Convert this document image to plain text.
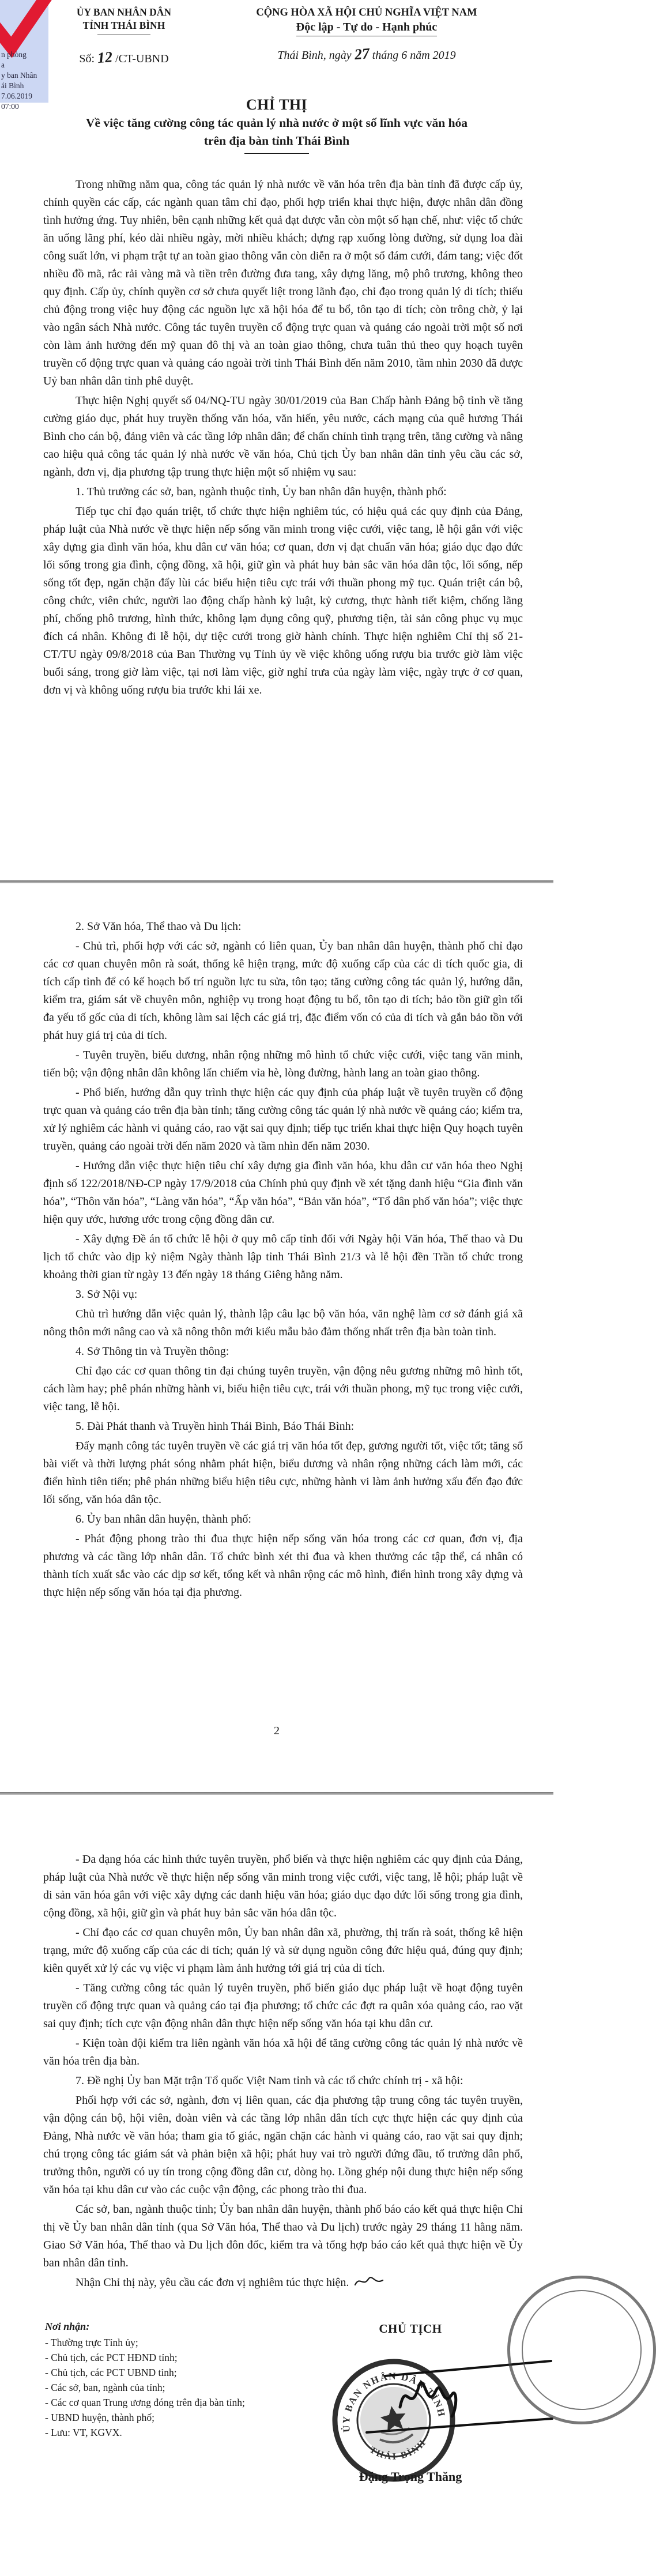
n phòng
a
y ban Nhân
ái Bình
7.06.2019
07:00
ỦY BAN NHÂN DÂN
TỈNH THÁI BÌNH
Số: 12 /CT-UBND
CỘNG HÒA XÃ HỘI CHỦ NGHĨA VIỆT NAM
Độc lập - Tự do - Hạnh phúc
Thái Bình, ngày 27 tháng 6 năm 2019
CHỈ THỊ
Về việc tăng cường công tác quản lý nhà nước ở một số lĩnh vực văn hóa
trên địa bàn tỉnh Thái Bình

Trong những năm qua, công tác quản lý nhà nước về văn hóa trên địa bàn tỉnh đã được cấp ủy, chính quyền các cấp, các ngành quan tâm chỉ đạo, phối hợp triển khai thực hiện, được nhân dân đồng tình hưởng ứng. Tuy nhiên, bên cạnh những kết quả đạt được vẫn còn một số hạn chế, như: việc tổ chức ăn uống lãng phí, kéo dài nhiều ngày, mời nhiều khách; dựng rạp xuống lòng đường, sử dụng loa đài công suất lớn, vi phạm trật tự an toàn giao thông vẫn còn diễn ra ở một số đám cưới, đám tang; việc đốt nhiều đồ mã, rắc rải vàng mã và tiền trên đường đưa tang, xây dựng lăng, mộ phô trương, không theo quy định. Cấp ủy, chính quyền cơ sở chưa quyết liệt trong lãnh đạo, chỉ đạo trong quản lý di tích; thiếu chủ động trong việc huy động các nguồn lực xã hội hóa để tu bổ, tôn tạo di tích; còn trông chờ, ỷ lại vào ngân sách Nhà nước. Công tác tuyên truyền cổ động trực quan và quảng cáo ngoài trời một số nơi còn làm ảnh hưởng đến mỹ quan đô thị và an toàn giao thông, chưa tuân thủ theo quy hoạch tuyên truyền cổ động trực quan và quảng cáo ngoài trời tỉnh Thái Bình đến năm 2010, tầm nhìn 2030 đã được Uỷ ban nhân dân tỉnh phê duyệt.

Thực hiện Nghị quyết số 04/NQ-TU ngày 30/01/2019 của Ban Chấp hành Đảng bộ tỉnh về tăng cường giáo dục, phát huy truyền thống văn hóa, văn hiến, yêu nước, cách mạng của quê hương Thái Bình cho cán bộ, đảng viên và các tầng lớp nhân dân; để chấn chỉnh tình trạng trên, tăng cường và nâng cao hiệu quả công tác quản lý nhà nước về văn hóa, Chủ tịch Ủy ban nhân dân tỉnh yêu cầu các sở, ngành, đơn vị, địa phương tập trung thực hiện một số nhiệm vụ sau:

1. Thủ trưởng các sở, ban, ngành thuộc tỉnh, Ủy ban nhân dân huyện, thành phố:

Tiếp tục chỉ đạo quán triệt, tổ chức thực hiện nghiêm túc, có hiệu quả các quy định của Đảng, pháp luật của Nhà nước về thực hiện nếp sống văn minh trong việc cưới, việc tang, lễ hội gắn với việc xây dựng gia đình văn hóa, khu dân cư văn hóa; cơ quan, đơn vị đạt chuẩn văn hóa; giáo dục đạo đức lối sống trong gia đình, cộng đồng, xã hội, giữ gìn và phát huy bản sắc văn hóa dân tộc, lối sống, nếp sống tốt đẹp, ngăn chặn đẩy lùi các biểu hiện tiêu cực trái với thuần phong mỹ tục. Quán triệt cán bộ, công chức, viên chức, người lao động chấp hành kỷ luật, kỷ cương, thực hành tiết kiệm, chống lãng phí, chống phô trương, hình thức, không lạm dụng công quỹ, phương tiện, tài sản công phục vụ mục đích cá nhân. Không đi lễ hội, dự tiệc cưới trong giờ hành chính. Thực hiện nghiêm Chỉ thị số 21-CT/TU ngày 09/8/2018 của Ban Thường vụ Tỉnh ủy về việc không uống rượu bia trước giờ làm việc buổi sáng, trong giờ làm việc, tại nơi làm việc, giờ nghỉ trưa của ngày làm việc, ngày trực ở cơ quan, đơn vị và không uống rượu bia trước khi lái xe.

2. Sở Văn hóa, Thể thao và Du lịch:

- Chủ trì, phối hợp với các sở, ngành có liên quan, Ủy ban nhân dân huyện, thành phố chỉ đạo các cơ quan chuyên môn rà soát, thống kê hiện trạng, mức độ xuống cấp của các di tích quốc gia, di tích cấp tỉnh để có kế hoạch bố trí nguồn lực tu sửa, tôn tạo; tăng cường công tác quản lý, hướng dẫn, kiểm tra, giám sát về chuyên môn, nghiệp vụ trong hoạt động tu bổ, tôn tạo di tích; bảo tồn giữ gìn tối đa yếu tố gốc của di tích, không làm sai lệch các giá trị, đặc điểm vốn có của di tích và gắn bảo tồn với phát huy giá trị của di tích.

- Tuyên truyền, biểu dương, nhân rộng những mô hình tổ chức việc cưới, việc tang văn minh, tiến bộ; vận động nhân dân không lấn chiếm vỉa hè, lòng đường, hành lang an toàn giao thông.

- Phổ biến, hướng dẫn quy trình thực hiện các quy định của pháp luật về tuyên truyền cổ động trực quan và quảng cáo trên địa bàn tỉnh; tăng cường công tác quản lý nhà nước về quảng cáo; kiểm tra, xử lý nghiêm các hành vi quảng cáo, rao vặt sai quy định; tiếp tục triển khai thực hiện Quy hoạch tuyên truyền, quảng cáo ngoài trời đến năm 2020 và tầm nhìn đến năm 2030.

- Hướng dẫn việc thực hiện tiêu chí xây dựng gia đình văn hóa, khu dân cư văn hóa theo Nghị định số 122/2018/NĐ-CP ngày 17/9/2018 của Chính phủ quy định về xét tặng danh hiệu “Gia đình văn hóa”, “Thôn văn hóa”, “Làng văn hóa”, “Ấp văn hóa”, “Bản văn hóa”, “Tổ dân phố văn hóa”; việc thực hiện quy ước, hương ước trong cộng đồng dân cư.

- Xây dựng Đề án tổ chức lễ hội ở quy mô cấp tỉnh đối với Ngày hội Văn hóa, Thể thao và Du lịch tổ chức vào dịp kỷ niệm Ngày thành lập tỉnh Thái Bình 21/3 và lễ hội đền Trần tổ chức trong khoảng thời gian từ ngày 13 đến ngày 18 tháng Giêng hằng năm.

3. Sở Nội vụ:

Chủ trì hướng dẫn việc quản lý, thành lập câu lạc bộ văn hóa, văn nghệ làm cơ sở đánh giá xã nông thôn mới nâng cao và xã nông thôn mới kiểu mẫu bảo đảm thống nhất trên địa bàn toàn tỉnh.

4. Sở Thông tin và Truyền thông:

Chỉ đạo các cơ quan thông tin đại chúng tuyên truyền, vận động nêu gương những mô hình tốt, cách làm hay; phê phán những hành vi, biểu hiện tiêu cực, trái với thuần phong, mỹ tục trong việc cưới, việc tang, lễ hội.

5. Đài Phát thanh và Truyền hình Thái Bình, Báo Thái Bình:

Đẩy mạnh công tác tuyên truyền về các giá trị văn hóa tốt đẹp, gương người tốt, việc tốt; tăng số bài viết và thời lượng phát sóng nhằm phát hiện, biểu dương và nhân rộng những cách làm mới, các điển hình tiên tiến; phê phán những biểu hiện tiêu cực, những hành vi làm ảnh hưởng xấu đến đạo đức lối sống, văn hóa dân tộc.

6. Ủy ban nhân dân huyện, thành phố:

- Phát động phong trào thi đua thực hiện nếp sống văn hóa trong các cơ quan, đơn vị, địa phương và các tầng lớp nhân dân. Tổ chức bình xét thi đua và khen thưởng các tập thể, cá nhân có thành tích xuất sắc vào các dịp sơ kết, tổng kết và nhân rộng các mô hình, điển hình trong xây dựng và thực hiện nếp sống văn hóa tại địa phương.

2

- Đa dạng hóa các hình thức tuyên truyền, phổ biến và thực hiện nghiêm các quy định của Đảng, pháp luật của Nhà nước về thực hiện nếp sống văn minh trong việc cưới, việc tang, lễ hội; pháp luật về di sản văn hóa gắn với việc xây dựng các danh hiệu văn hóa; giáo dục đạo đức lối sống trong gia đình, cộng đồng, xã hội, giữ gìn và phát huy bản sắc văn hóa dân tộc.

- Chỉ đạo các cơ quan chuyên môn, Ủy ban nhân dân xã, phường, thị trấn rà soát, thống kê hiện trạng, mức độ xuống cấp của các di tích; quản lý và sử dụng nguồn công đức hiệu quả, đúng quy định; kiên quyết xử lý các vụ việc vi phạm làm ảnh hưởng tới giá trị của di tích.

- Tăng cường công tác quản lý tuyên truyền, phổ biến giáo dục pháp luật về hoạt động tuyên truyền cổ động trực quan và quảng cáo tại địa phương; tổ chức các đợt ra quân xóa quảng cáo, rao vặt sai quy định; tích cực vận động nhân dân thực hiện nếp sống văn hóa tại khu dân cư.

- Kiện toàn đội kiểm tra liên ngành văn hóa xã hội để tăng cường công tác quản lý nhà nước về văn hóa trên địa bàn.

7. Đề nghị Ủy ban Mặt trận Tổ quốc Việt Nam tỉnh và các tổ chức chính trị - xã hội:

Phối hợp với các sở, ngành, đơn vị liên quan, các địa phương tập trung công tác tuyên truyền, vận động cán bộ, hội viên, đoàn viên và các tầng lớp nhân dân tích cực thực hiện các quy định của Đảng, Nhà nước về văn hóa; tham gia tố giác, ngăn chặn các hành vi quảng cáo, rao vặt sai quy định; chú trọng công tác giám sát và phản biện xã hội; phát huy vai trò người đứng đầu, tổ trưởng dân phố, trưởng thôn, người có uy tín trong cộng đồng dân cư, dòng họ. Lồng ghép nội dung thực hiện nếp sống văn hóa tại khu dân cư vào các cuộc vận động, các phong trào thi đua.

Các sở, ban, ngành thuộc tỉnh; Ủy ban nhân dân huyện, thành phố báo cáo kết quả thực hiện Chỉ thị về Ủy ban nhân dân tỉnh (qua Sở Văn hóa, Thể thao và Du lịch) trước ngày 29 tháng 11 hằng năm. Giao Sở Văn hóa, Thể thao và Du lịch đôn đốc, kiểm tra và tổng hợp báo cáo kết quả thực hiện về Ủy ban nhân dân tỉnh.

Nhận Chỉ thị này, yêu cầu các đơn vị nghiêm túc thực hiện.

Nơi nhận:
- Thường trực Tỉnh ủy;
- Chủ tịch, các PCT HĐND tỉnh;
- Chủ tịch, các PCT UBND tỉnh;
- Các sở, ban, ngành của tỉnh;
- Các cơ quan Trung ương đóng trên địa bàn tỉnh;
- UBND huyện, thành phố;
- Lưu: VT, KGVX.
CHỦ TỊCH
ỦY BAN NHÂN DÂN TỈNH
THÁI BÌNH
Đặng Trọng Thăng
